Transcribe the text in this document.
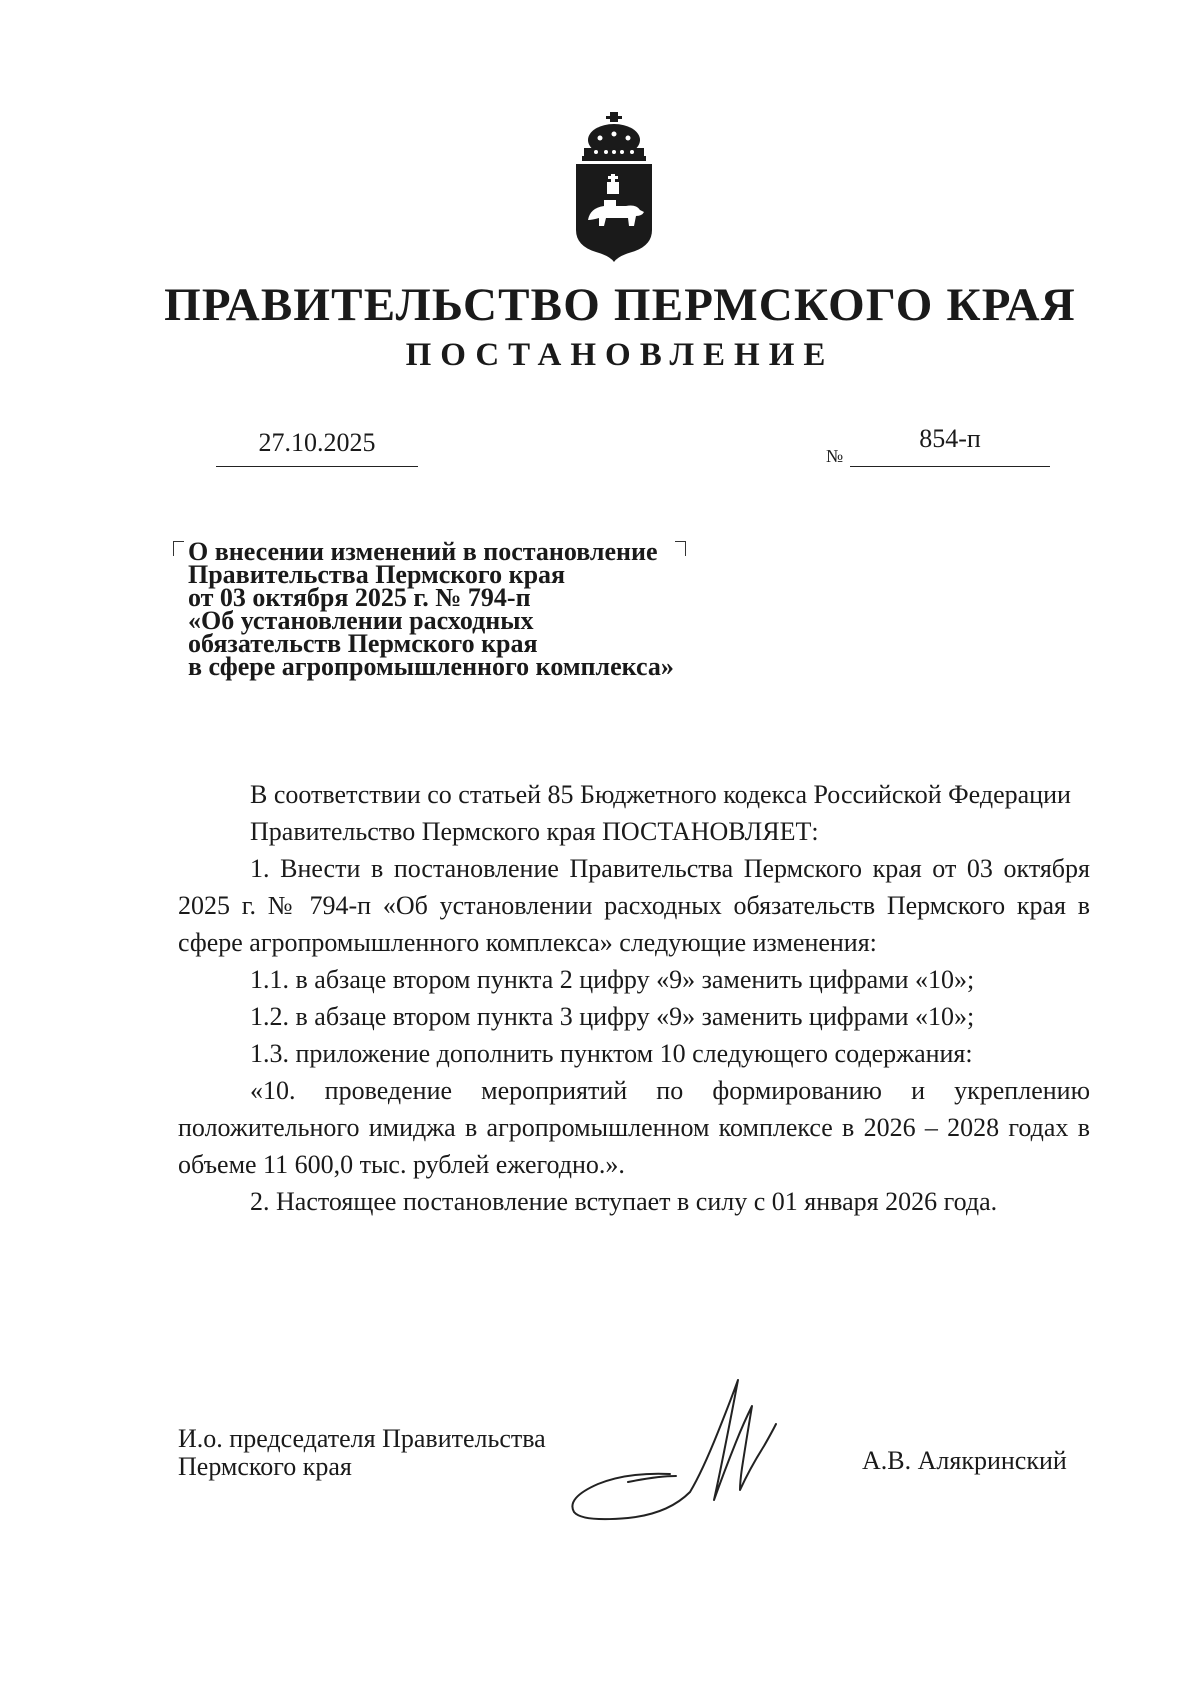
ПРАВИТЕЛЬСТВО ПЕРМСКОГО КРАЯ
ПОСТАНОВЛЕНИЕ
27.10.2025	№
854-п
О внесении изменений в постановление
Правительства Пермского края
от 03 октября 2025 г. № 794-п
«Об установлении расходных
обязательств Пермского края
в сфере агропромышленного комплекса»

В соответствии со статьей 85 Бюджетного кодекса Российской Федерации

Правительство Пермского края ПОСТАНОВЛЯЕТ:

1. Внести в постановление Правительства Пермского края от 03 октября 2025 г. № 794-п «Об установлении расходных обязательств Пермского края в сфере агропромышленного комплекса» следующие изменения:

1.1. в абзаце втором пункта 2 цифру «9» заменить цифрами «10»;

1.2. в абзаце втором пункта 3 цифру «9» заменить цифрами «10»;

1.3. приложение дополнить пунктом 10 следующего содержания:

«10. проведение мероприятий по формированию и укреплению положительного имиджа в агропромышленном комплексе в 2026 – 2028 годах в объеме 11 600,0 тыс. рублей ежегодно.».

2. Настоящее постановление вступает в силу с 01 января 2026 года.

И.о. председателя Правительства
Пермского края	А.В. Алякринский
